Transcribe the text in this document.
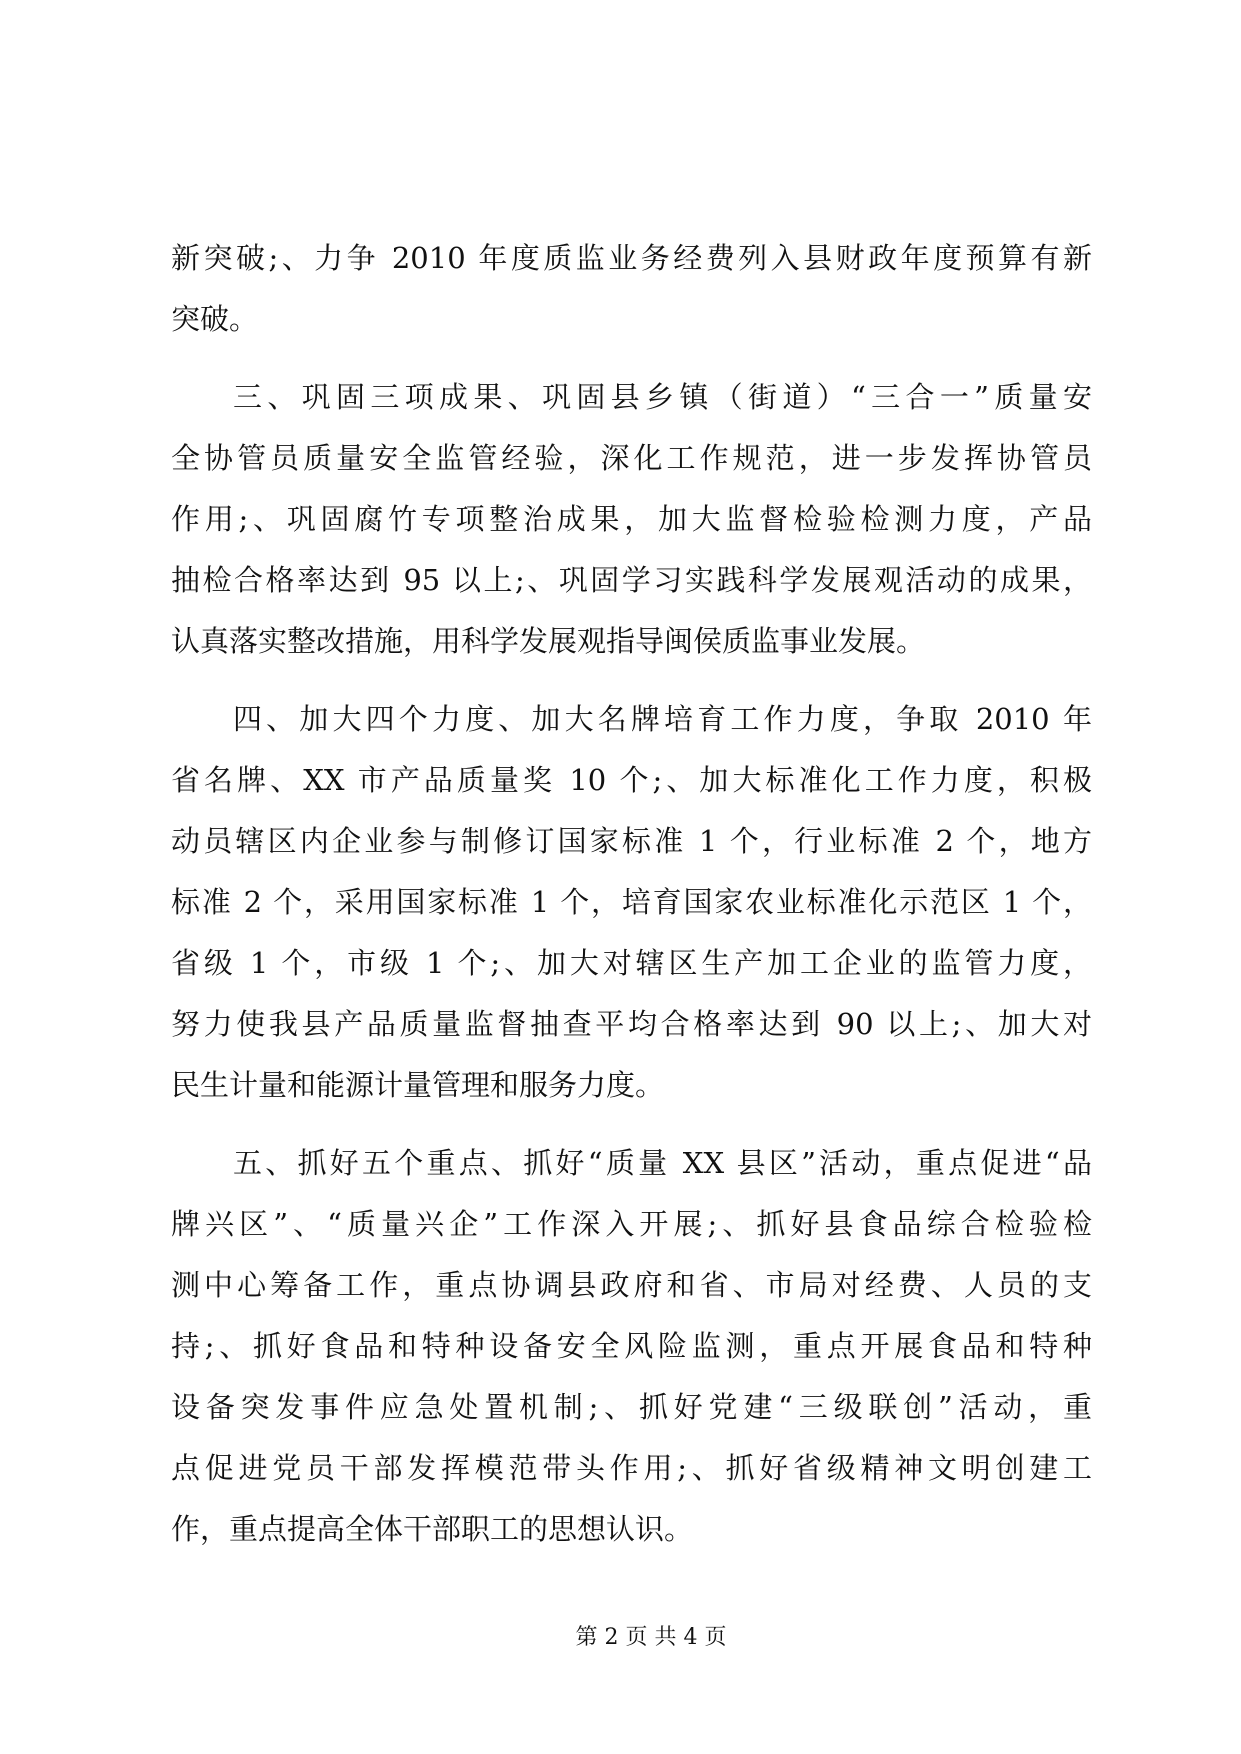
新突破;、力争 2010 年度质监业务经费列入县财政年度预算有新
突破。
三、巩固三项成果、巩固县乡镇（街道）“三合一”质量安
全协管员质量安全监管经验，深化工作规范，进一步发挥协管员
作用;、巩固腐竹专项整治成果，加大监督检验检测力度，产品
抽检合格率达到 95 以上;、巩固学习实践科学发展观活动的成果，
认真落实整改措施，用科学发展观指导闽侯质监事业发展。
四、加大四个力度、加大名牌培育工作力度，争取 2010 年
省名牌、XX 市产品质量奖 10 个;、加大标准化工作力度，积极
动员辖区内企业参与制修订国家标准 1 个，行业标准 2 个，地方
标准 2 个，采用国家标准 1 个，培育国家农业标准化示范区 1 个，
省级 1 个，市级 1 个;、加大对辖区生产加工企业的监管力度，
努力使我县产品质量监督抽查平均合格率达到 90 以上;、加大对
民生计量和能源计量管理和服务力度。
五、抓好五个重点、抓好“质量 XX 县区”活动，重点促进“品
牌兴区”、“质量兴企”工作深入开展;、抓好县食品综合检验检
测中心筹备工作，重点协调县政府和省、市局对经费、人员的支
持;、抓好食品和特种设备安全风险监测，重点开展食品和特种
设备突发事件应急处置机制;、抓好党建“三级联创”活动，重
点促进党员干部发挥模范带头作用;、抓好省级精神文明创建工
作，重点提高全体干部职工的思想认识。
第 2 页 共 4 页
